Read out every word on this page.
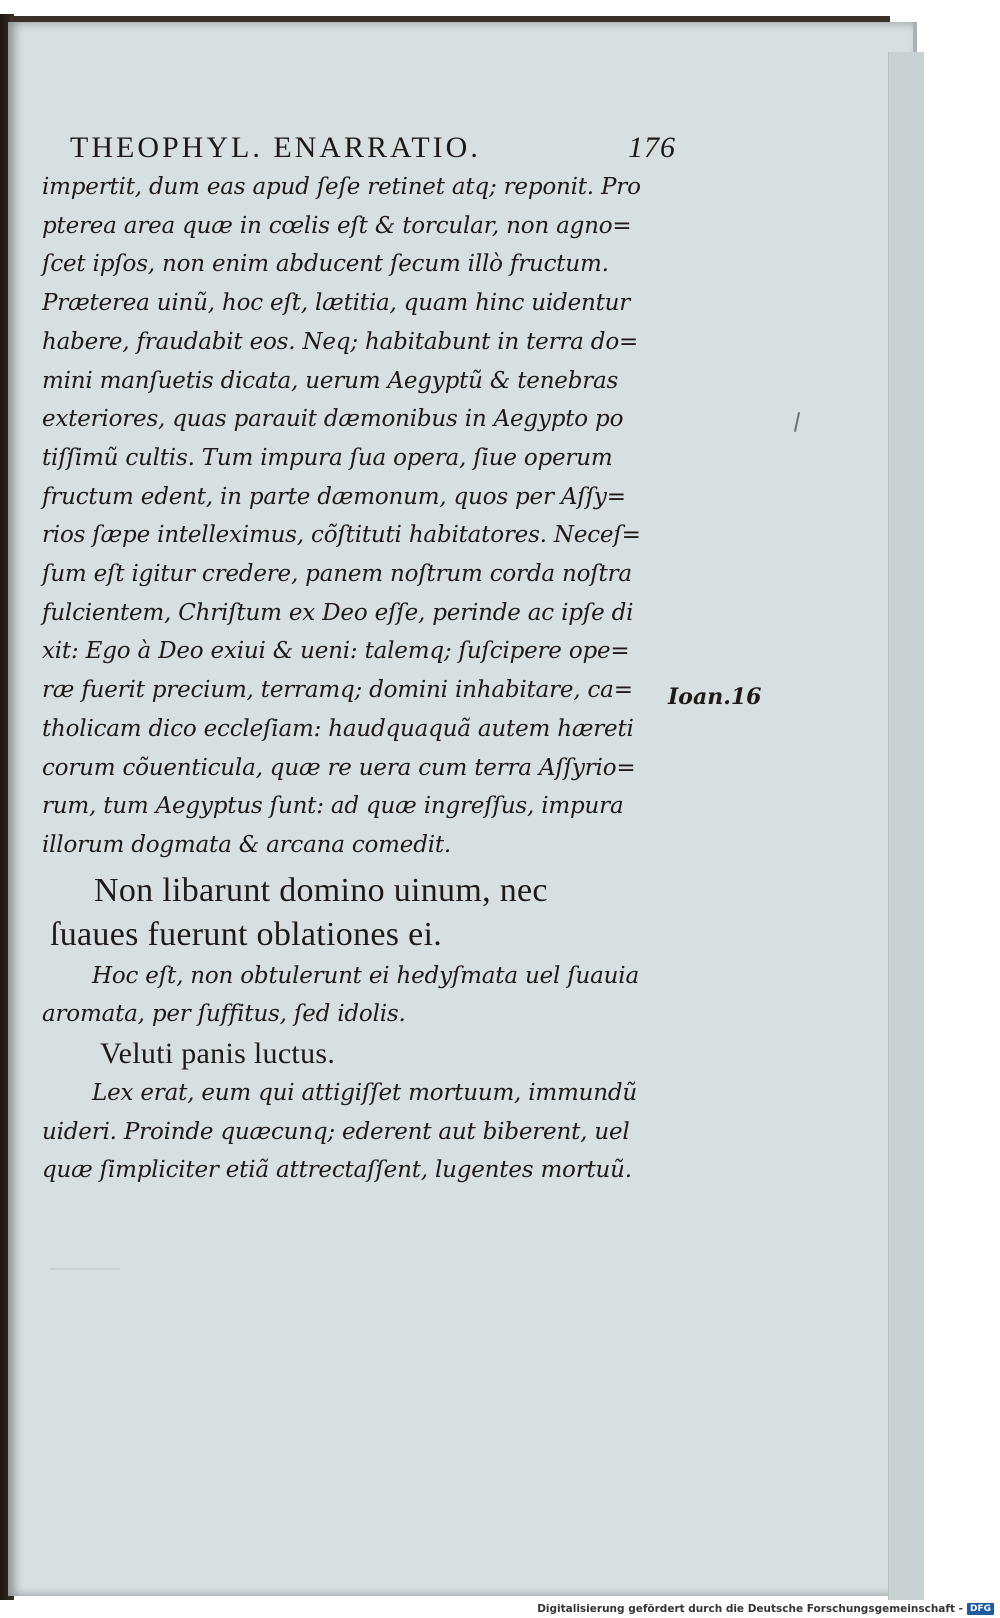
THEOPHYL. ENARRATIO.	176
impertit, dum eas apud ſeſe retinet atq; reponit. Pro
pterea area quæ in cœlis eſt & torcular, non agno=
ſcet ipſos, non enim abducent ſecum illò fructum.
Præterea uinũ, hoc eſt, lætitia, quam hinc uidentur
habere, fraudabit eos. Neq; habitabunt in terra do=
mini manſuetis dicata, uerum Aegyptũ & tenebras
exteriores, quas parauit dæmonibus in Aegypto po
tiſſimũ cultis. Tum impura ſua opera, ſiue operum
fructum edent, in parte dæmonum, quos per Aſſy=
rios ſæpe intelleximus, cõſtituti habitatores. Neceſ=
ſum eſt igitur credere, panem noſtrum corda noſtra
fulcientem, Chriſtum ex Deo eſſe, perinde ac ipſe di
xit: Ego à Deo exiui & ueni: talemq; ſuſcipere ope=
ræ fuerit precium, terramq; domini inhabitare, ca=
tholicam dico eccleſiam: haudquaquã autem hæreti
corum cõuenticula, quæ re uera cum terra Aſſyrio=
rum, tum Aegyptus ſunt: ad quæ ingreſſus, impura
illorum dogmata & arcana comedit.
Non libarunt domino uinum, nec
ſuaues fuerunt oblationes ei.
Hoc eſt, non obtulerunt ei hedyſmata uel ſuauia
aromata, per ſuffitus, ſed idolis.
Veluti panis luctus.
Lex erat, eum qui attigiſſet mortuum, immundũ
uideri. Proinde quæcunq; ederent aut biberent, uel
quæ ſimpliciter etiã attrectaſſent, lugentes mortuũ.
Ioan.16
Digitalisierung gefördert durch die Deutsche Forschungsgemeinschaft - DFG
